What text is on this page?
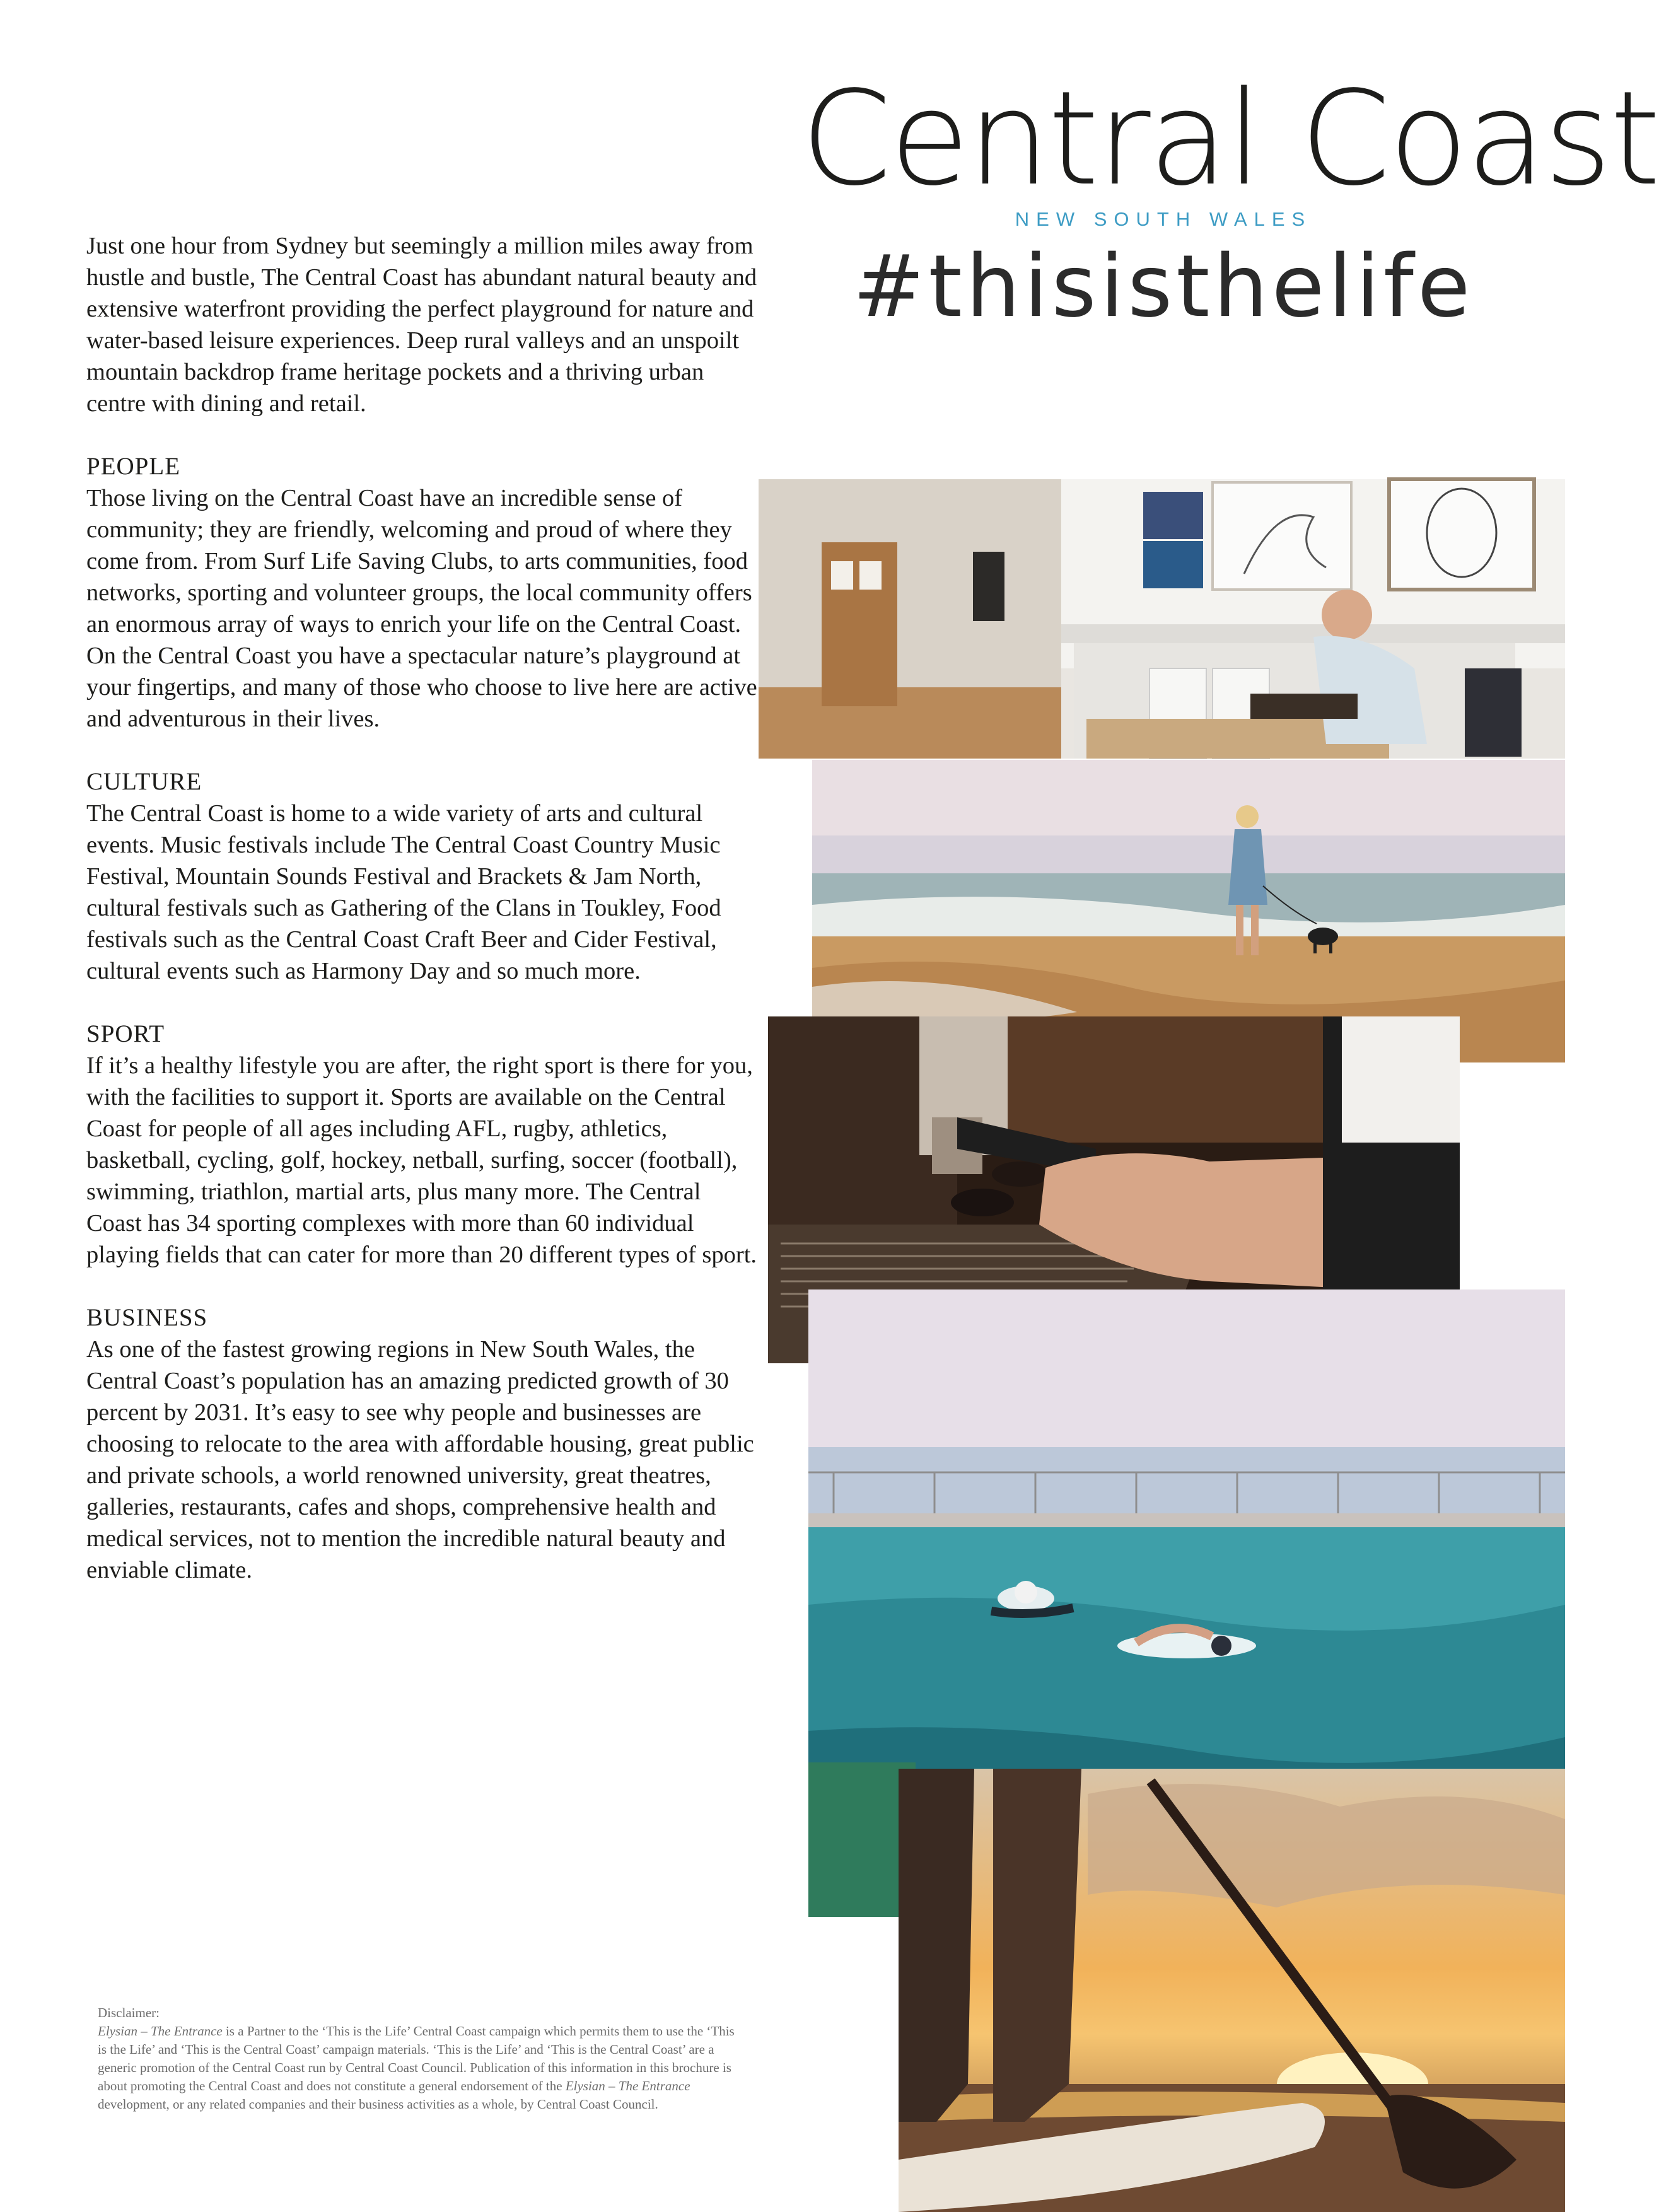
Central Coast
NEW SOUTH WALES
#thisisthelife

Just one hour from Sydney but seemingly a million miles away from hustle and bustle, The Central Coast has abundant natural beauty and extensive waterfront providing the perfect playground for nature and water-based leisure experiences. Deep rural valleys and an unspoilt mountain backdrop frame heritage pockets and a thriving urban centre with dining and retail.

PEOPLE

Those living on the Central Coast have an incredible sense of community; they are friendly, welcoming and proud of where they come from. From Surf Life Saving Clubs, to arts communities, food networks, sporting and volunteer groups, the local community offers an enormous array of ways to enrich your life on the Central Coast. On the Central Coast you have a spectacular nature’s playground at your fingertips, and many of those who choose to live here are active and adventurous in their lives.

CULTURE

The Central Coast is home to a wide variety of arts and cultural events. Music festivals include The Central Coast Country Music Festival, Mountain Sounds Festival and Brackets & Jam North, cultural festivals such as Gathering of the Clans in Toukley, Food festivals such as the Central Coast Craft Beer and Cider Festival, cultural events such as Harmony Day and so much more.

SPORT

If it’s a healthy lifestyle you are after, the right sport is there for you, with the facilities to support it. Sports are available on the Central Coast for people of all ages including AFL, rugby, athletics, basketball, cycling, golf, hockey, netball, surfing, soccer (football), swimming, triathlon, martial arts, plus many more. The Central Coast has 34 sporting complexes with more than 60 individual playing fields that can cater for more than 20 different types of sport.

BUSINESS

As one of the fastest growing regions in New South Wales, the Central Coast’s population has an amazing predicted growth of 30 percent by 2031. It’s easy to see why people and businesses are choosing to relocate to the area with affordable housing, great public and private schools, a world renowned university, great theatres, galleries, restaurants, cafes and shops, comprehensive health and medical services, not to mention the incredible natural beauty and enviable climate.

Disclaimer:
Elysian – The Entrance is a Partner to the ‘This is the Life’ Central Coast campaign which permits them to use the ‘This is the Life’ and ‘This is the Central Coast’ campaign materials. ‘This is the Life’ and ‘This is the Central Coast’ are a generic promotion of the Central Coast run by Central Coast Council. Publication of this information in this brochure is about promoting the Central Coast and does not constitute a general endorsement of the Elysian – The Entrance development, or any related companies and their business activities as a whole, by Central Coast Council.
